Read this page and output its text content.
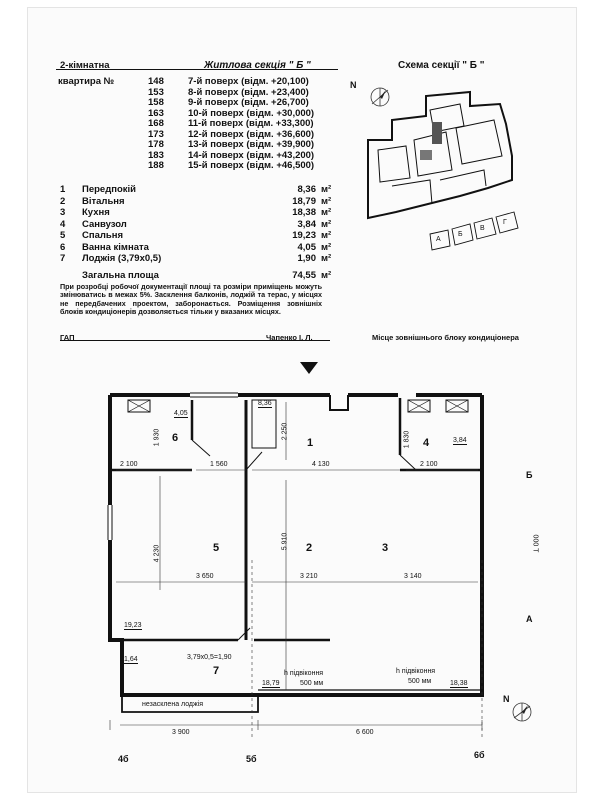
2-кімнатна	Житлова секція " Б "
квартира №	148	7-й поверх (відм. +20,100)
	153	8-й поверх (відм. +23,400)
	158	9-й поверх (відм. +26,700)
	163	10-й поверх (відм. +30,000)
	168	11-й поверх (відм. +33,300)
	173	12-й поверх (відм. +36,600)
	178	13-й поверх (відм. +39,900)
	183	14-й поверх (відм. +43,200)
	188	15-й поверх (відм. +46,500)
1	Передпокій	8,36	м²
2	Вітальня	18,79	м²
3	Кухня	18,38	м²
4	Санвузол	3,84	м²
5	Спальня	19,23	м²
6	Ванна кімната	4,05	м²
7	Лоджія (3,79х0,5)	1,90	м²
	Загальна площа	74,55	м²
При розробці робочої документації площі та розміри приміщень можуть змінюватись в межах 5%. Засклення балконів, лоджій та терас, у місцях не передбачених проектом, заборонається. Розміщення зовнішніх блоків кондиціонерів дозволяється тільки у вказаних місцях.
ГАП	Чапенко І. Л.
Схема секції " Б "
N
Місце зовнішнього блоку кондиціонера
А
Б
В
Г
1
2	3
4
5
6
7
4,05
8,36
3,84
19,23
1,64
18,79	18,38
1 930
2 100	1 560	4 130
2 250	1 830
2 100
4 230
5 910
3 650	3 210	3 140
3 900	6 600
3,79х0,5=1,90
h підвіконня
500 мм
h підвіконня
500 мм
незасклена лоджія
4б	5б	6б
Б
А
000 Т
N
